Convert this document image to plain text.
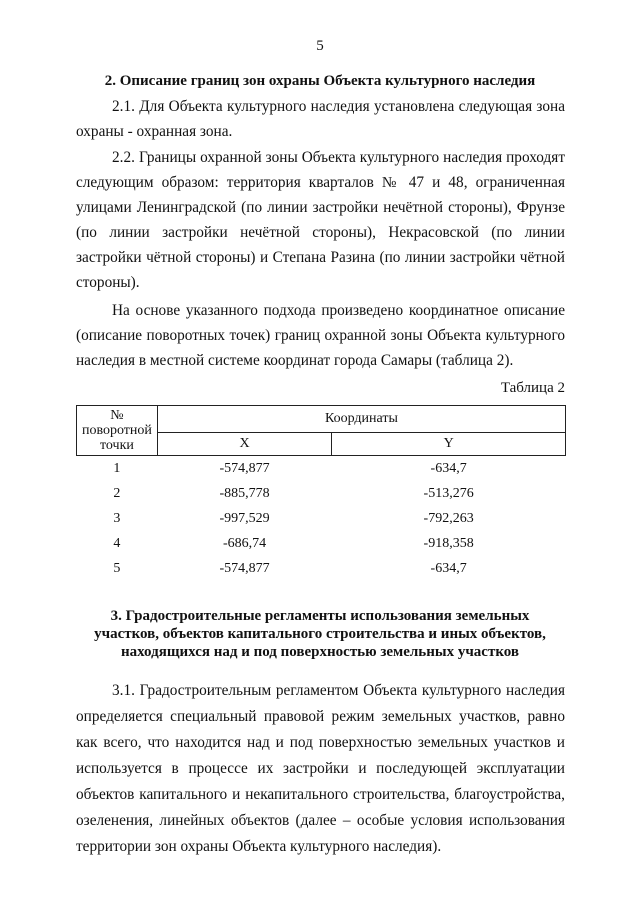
5
2. Описание границ зон охраны Объекта культурного наследия

2.1. Для Объекта культурного наследия установлена следующая зона охраны - охранная зона.

2.2. Границы охранной зоны Объекта культурного наследия проходят следующим образом: территория кварталов № 47 и 48, ограниченная улицами Ленинградской (по линии застройки нечётной стороны), Фрунзе (по линии застройки нечётной стороны), Некрасовской (по линии застройки чётной стороны) и Степана Разина (по линии застройки чётной стороны).

На основе указанного подхода произведено координатное описание (описание поворотных точек) границ охранной зоны Объекта культурного наследия в местной системе координат города Самары (таблица 2).

Таблица 2
№ поворотной точки	Координаты	
	X	Y
1	-574,877	-634,7
2	-885,778	-513,276
3	-997,529	-792,263
4	-686,74	-918,358
5	-574,877	-634,7
3. Градостроительные регламенты использования земельных
участков, объектов капитального строительства и иных объектов,
находящихся над и под поверхностью земельных участков

3.1. Градостроительным регламентом Объекта культурного наследия определяется специальный правовой режим земельных участков, равно как всего, что находится над и под поверхностью земельных участков и используется в процессе их застройки и последующей эксплуатации объектов капитального и некапитального строительства, благоустройства, озеленения, линейных объектов (далее – особые условия использования территории зон охраны Объекта культурного наследия).
